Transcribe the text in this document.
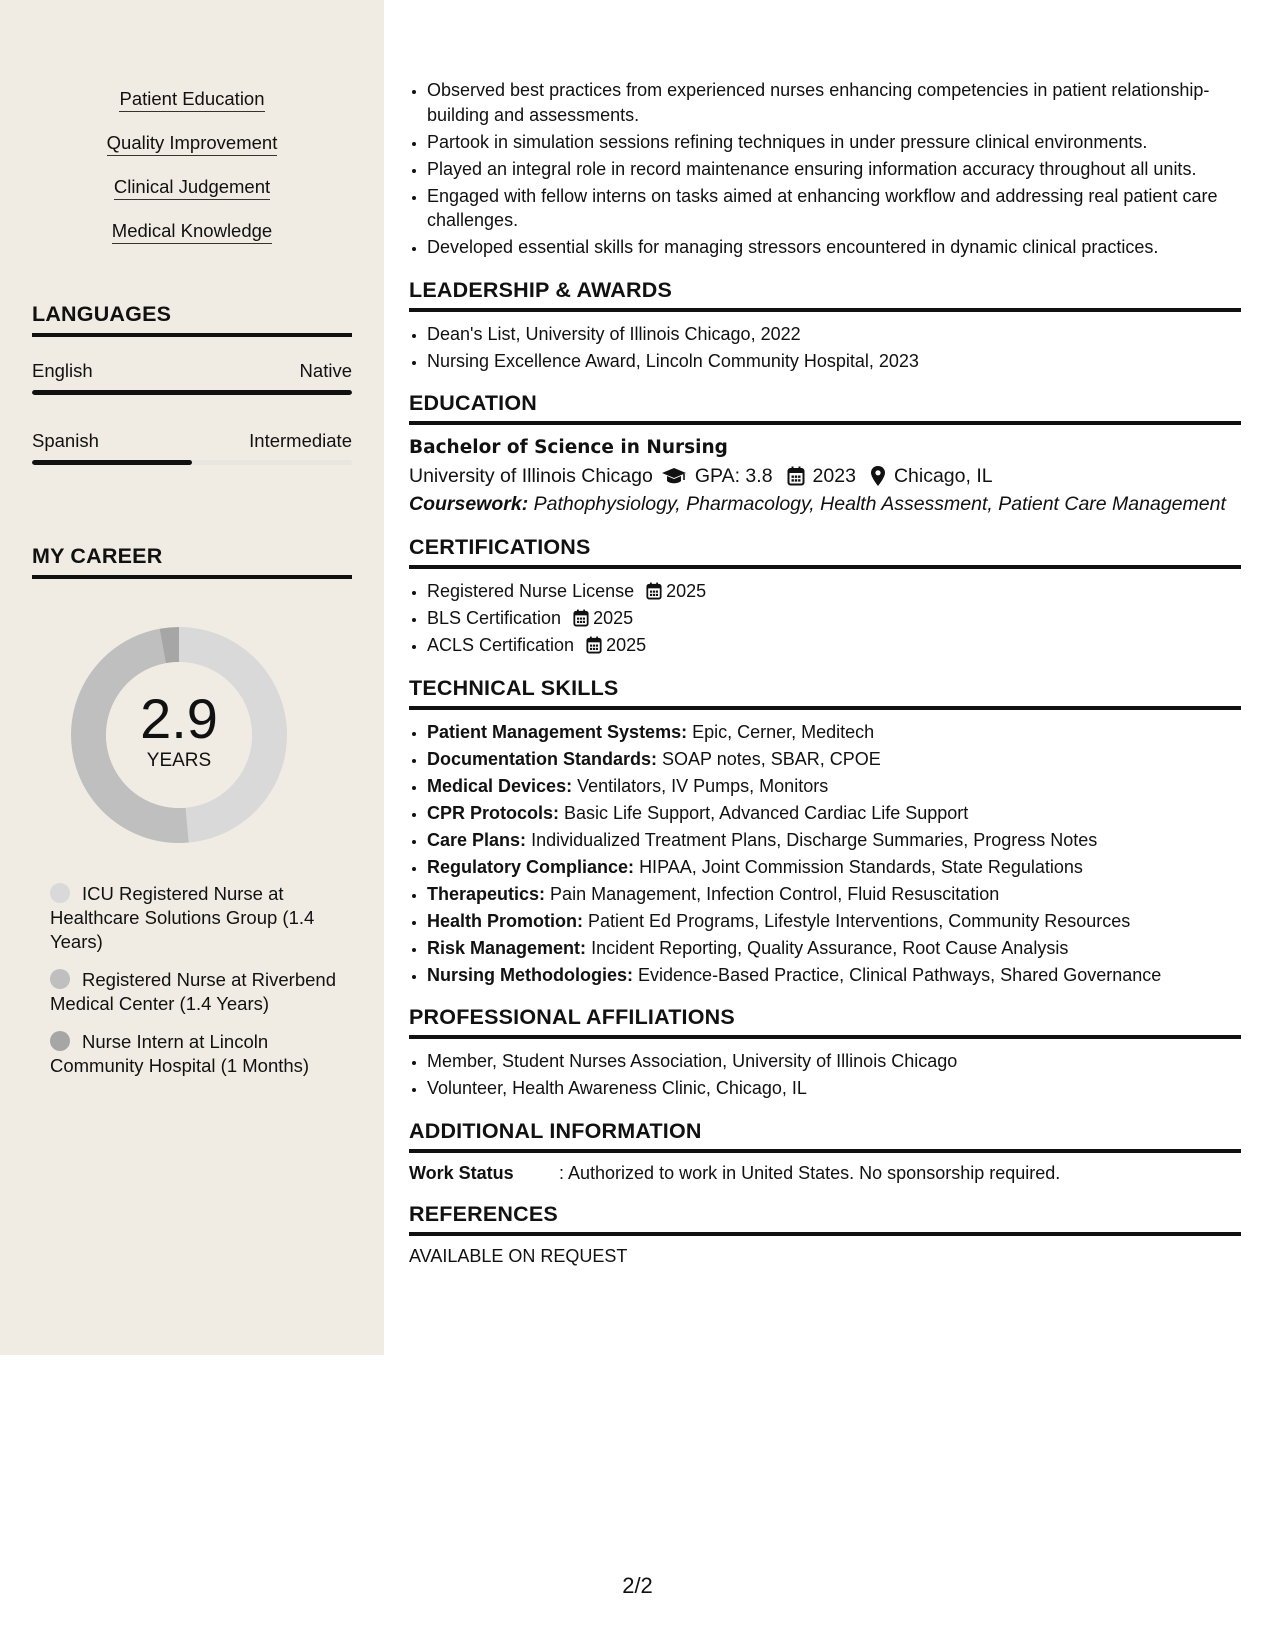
Patient Education
Quality Improvement
Clinical Judgement
Medical Knowledge
LANGUAGES
English	Native
Spanish	Intermediate
MY CAREER
2.9
YEARS
ICU Registered Nurse at Healthcare Solutions Group (1.4 Years)
Registered Nurse at Riverbend Medical Center (1.4 Years)
Nurse Intern at Lincoln Community Hospital (1 Months)
• Observed best practices from experienced nurses enhancing competencies in patient relationship-building and assessments.
• Partook in simulation sessions refining techniques in under pressure clinical environments.
• Played an integral role in record maintenance ensuring information accuracy throughout all units.
• Engaged with fellow interns on tasks aimed at enhancing workflow and addressing real patient care challenges.
• Developed essential skills for managing stressors encountered in dynamic clinical practices.
LEADERSHIP & AWARDS
• Dean's List, University of Illinois Chicago, 2022
• Nursing Excellence Award, Lincoln Community Hospital, 2023
EDUCATION
Bachelor of Science in Nursing
University of Illinois Chicago GPA: 3.8 2023 Chicago, IL
Coursework: Pathophysiology, Pharmacology, Health Assessment, Patient Care Management
CERTIFICATIONS
• Registered Nurse License 2025
• BLS Certification 2025
• ACLS Certification 2025
TECHNICAL SKILLS
• Patient Management Systems: Epic, Cerner, Meditech
• Documentation Standards: SOAP notes, SBAR, CPOE
• Medical Devices: Ventilators, IV Pumps, Monitors
• CPR Protocols: Basic Life Support, Advanced Cardiac Life Support
• Care Plans: Individualized Treatment Plans, Discharge Summaries, Progress Notes
• Regulatory Compliance: HIPAA, Joint Commission Standards, State Regulations
• Therapeutics: Pain Management, Infection Control, Fluid Resuscitation
• Health Promotion: Patient Ed Programs, Lifestyle Interventions, Community Resources
• Risk Management: Incident Reporting, Quality Assurance, Root Cause Analysis
• Nursing Methodologies: Evidence-Based Practice, Clinical Pathways, Shared Governance
PROFESSIONAL AFFILIATIONS
• Member, Student Nurses Association, University of Illinois Chicago
• Volunteer, Health Awareness Clinic, Chicago, IL
ADDITIONAL INFORMATION
Work Status	: Authorized to work in United States. No sponsorship required.
REFERENCES
AVAILABLE ON REQUEST
2/2
